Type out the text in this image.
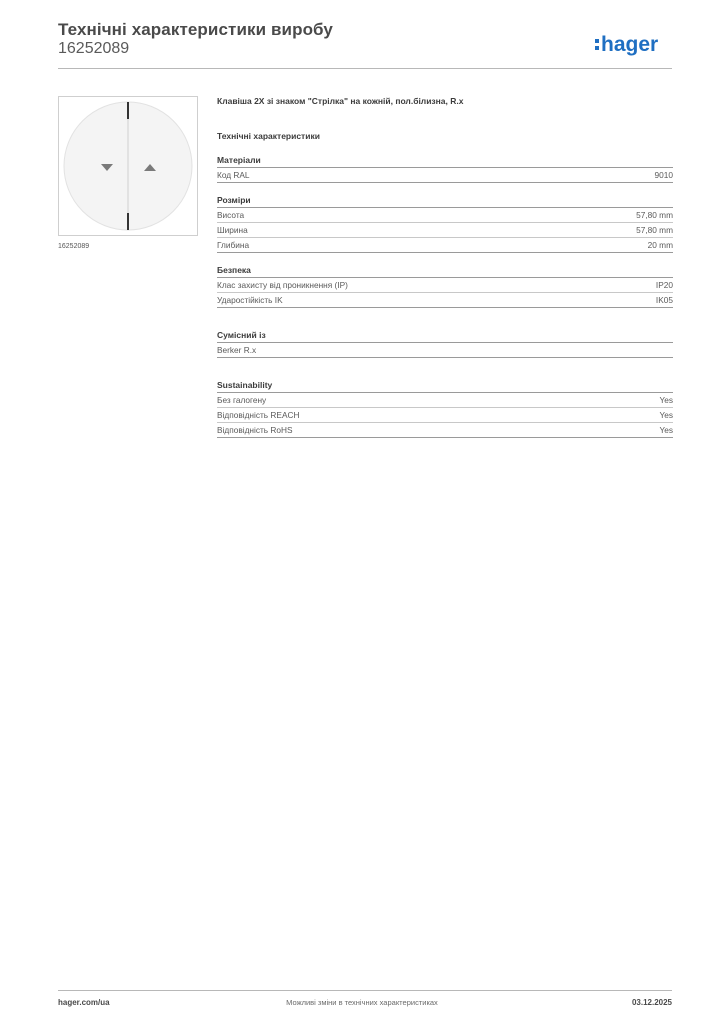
Технічні характеристики виробу
16252089	hager
16252089
Клавіша 2X зі знаком "Стрілка" на кожній, пол.білизна, R.x
Технічні характеристики
Матеріали
Код RAL	9010
Розміри
Висота	57,80 mm
Ширина	57,80 mm
Глибина	20 mm
Безпека
Клас захисту від проникнення (IP)	IP20
Ударостійкість IK	IK05
Сумісний із
Berker R.x
Sustainability
Без галогену	Yes
Відповідність REACH	Yes
Відповідність RoHS	Yes
hager.com/ua	Можливі зміни в технічних характеристиках	03.12.2025
